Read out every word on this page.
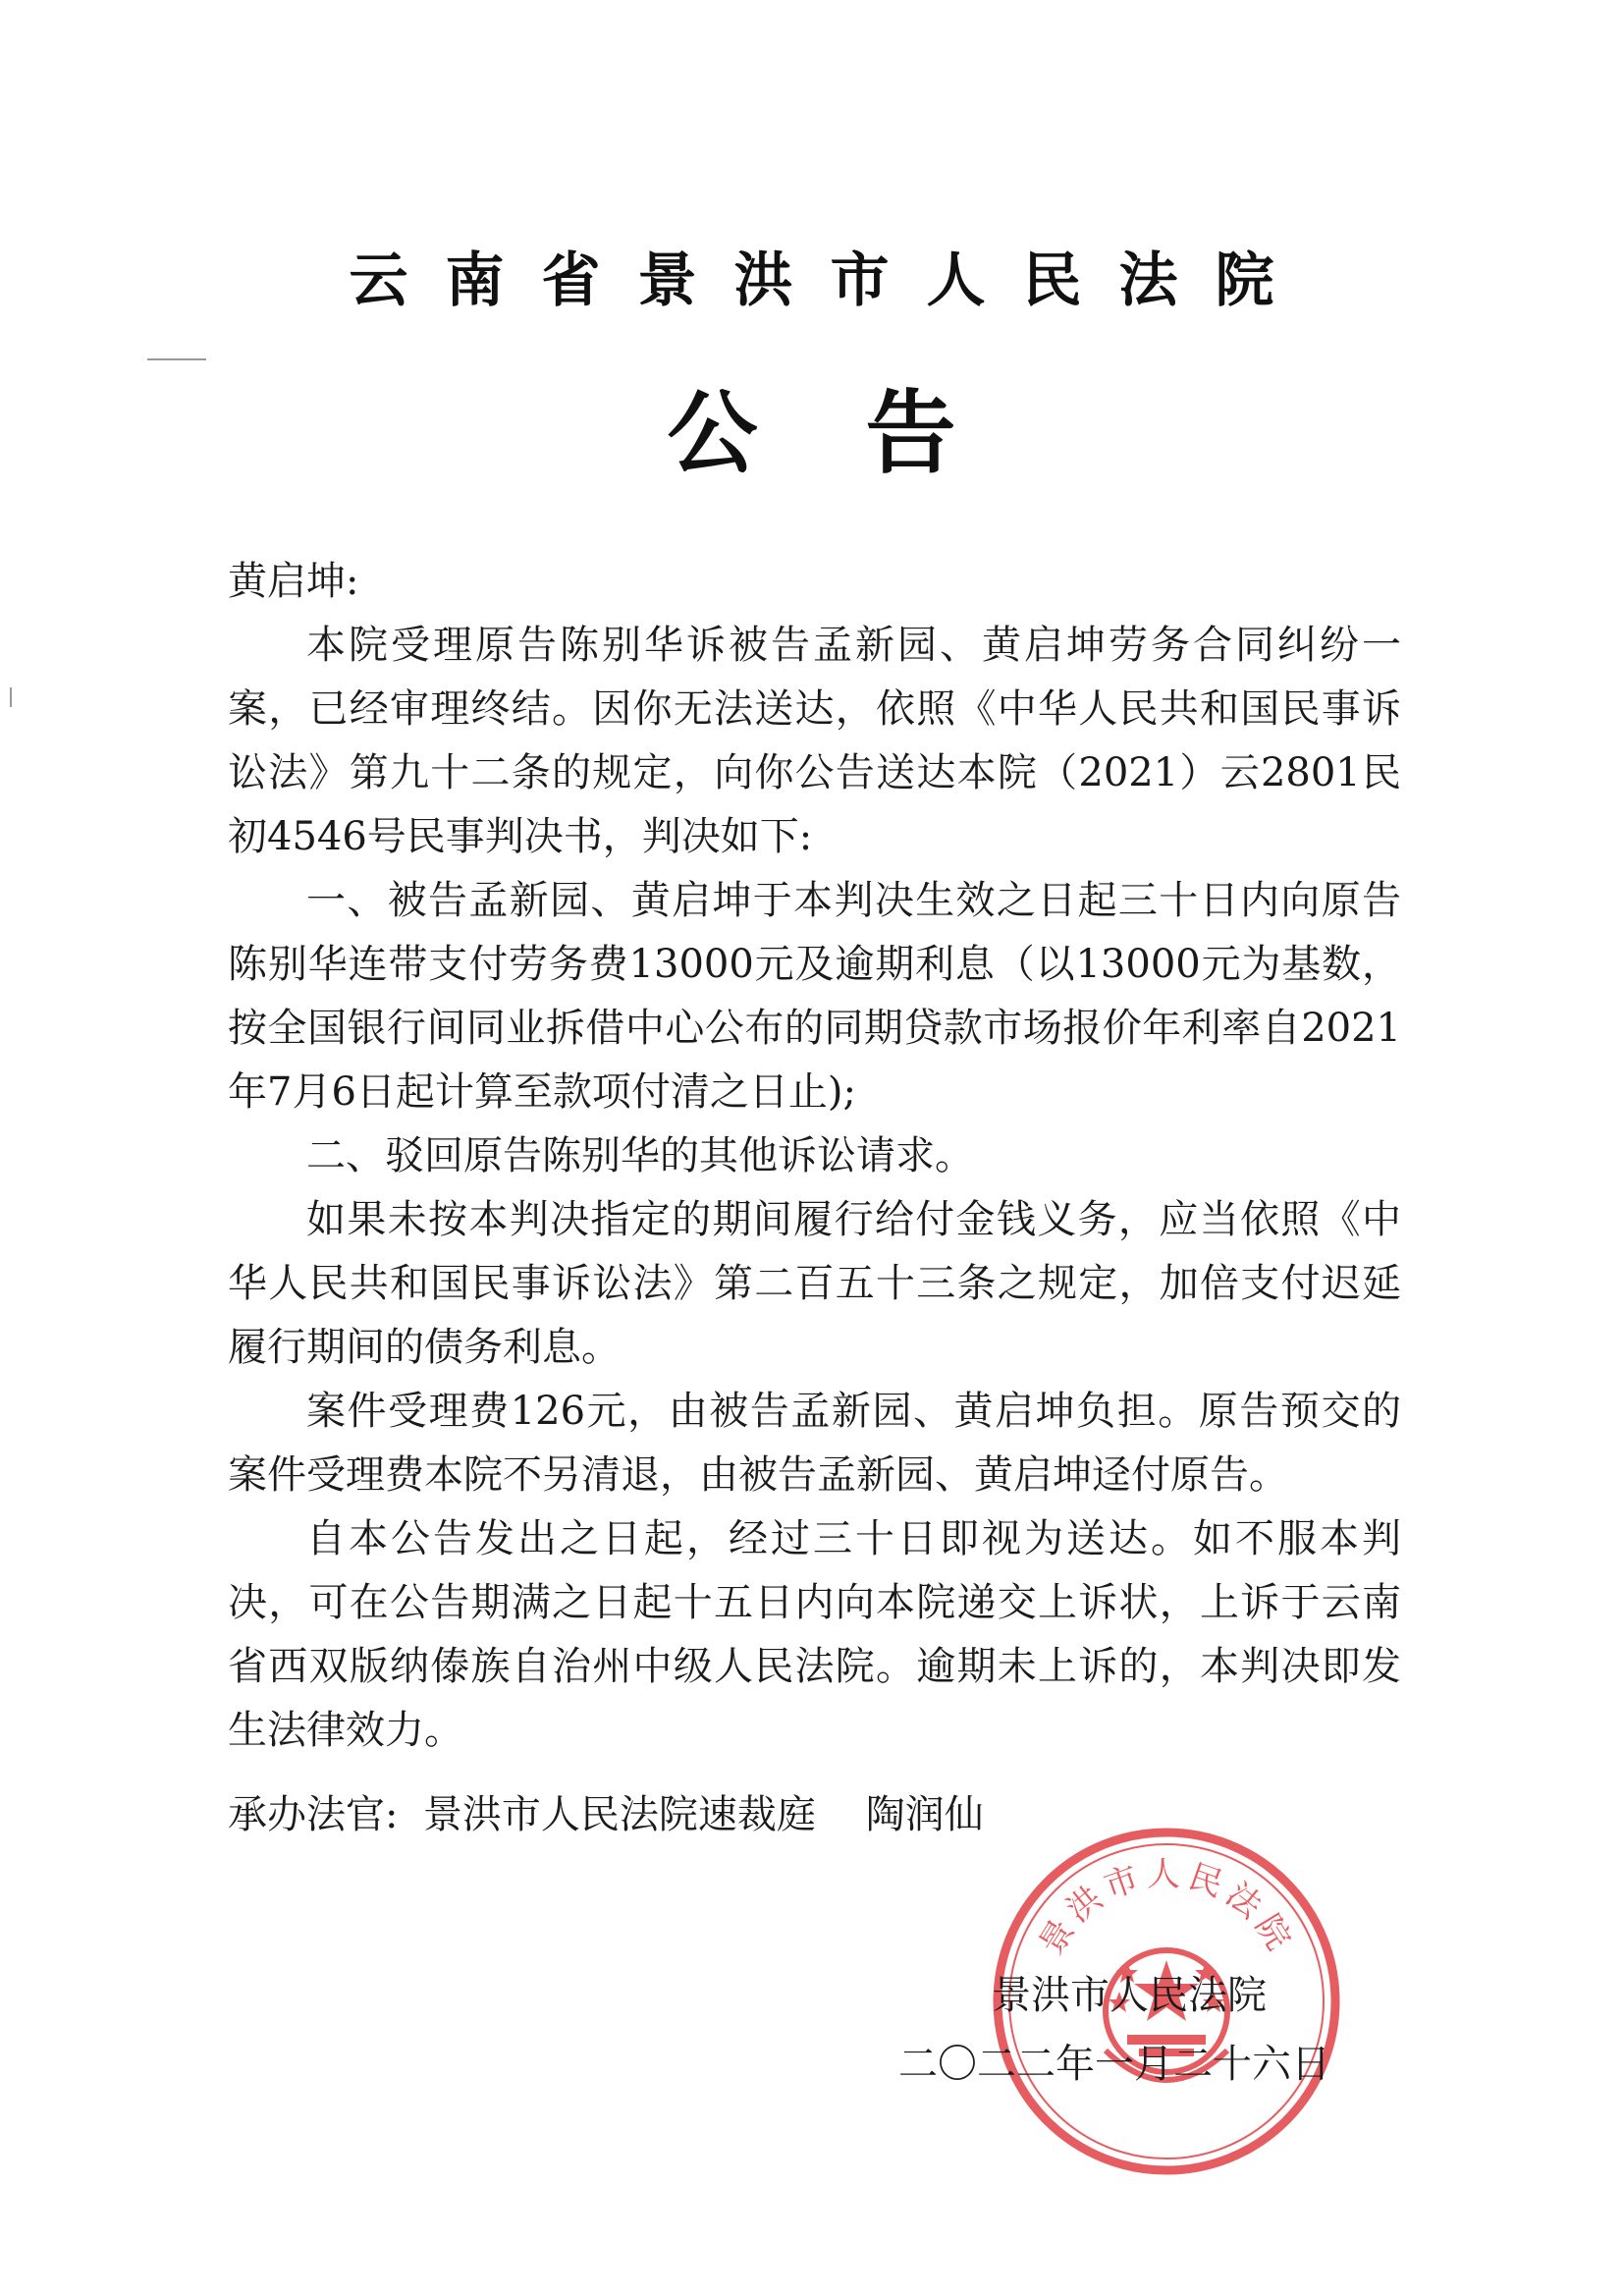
云南省景洪市人民法院
公告

黄启坤:

本院受理原告陈别华诉被告孟新园、黄启坤劳务合同纠纷一案，已经审理终结。因你无法送达，依照《中华人民共和国民事诉讼法》第九十二条的规定，向你公告送达本院（2021）云2801民初4546号民事判决书，判决如下:

一、被告孟新园、黄启坤于本判决生效之日起三十日内向原告陈别华连带支付劳务费13000元及逾期利息（以13000元为基数，按全国银行间同业拆借中心公布的同期贷款市场报价年利率自2021年7月6日起计算至款项付清之日止);

二、驳回原告陈别华的其他诉讼请求。

如果未按本判决指定的期间履行给付金钱义务，应当依照《中华人民共和国民事诉讼法》第二百五十三条之规定，加倍支付迟延履行期间的债务利息。

案件受理费126元，由被告孟新园、黄启坤负担。原告预交的案件受理费本院不另清退，由被告孟新园、黄启坤迳付原告。

自本公告发出之日起，经过三十日即视为送达。如不服本判决，可在公告期满之日起十五日内向本院递交上诉状，上诉于云南省西双版纳傣族自治州中级人民法院。逾期未上诉的，本判决即发生法律效力。

承办法官: 景洪市人民法院速裁庭 陶润仙
景洪市人民法院
景洪市人民法院
二〇二二年一月二十六日
